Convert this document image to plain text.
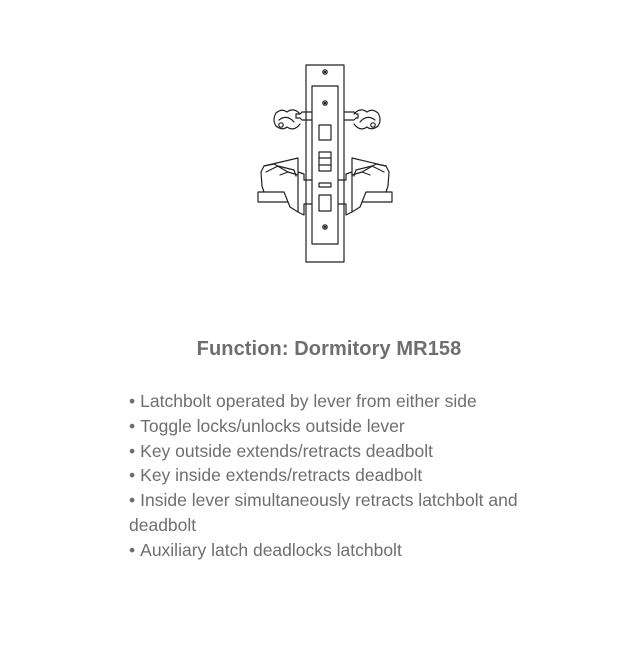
Function: Dormitory MR158
• Latchbolt operated by lever from either side
• Toggle locks/unlocks outside lever
• Key outside extends/retracts deadbolt
• Key inside extends/retracts deadbolt
• Inside lever simultaneously retracts latchbolt and deadbolt
• Auxiliary latch deadlocks latchbolt
